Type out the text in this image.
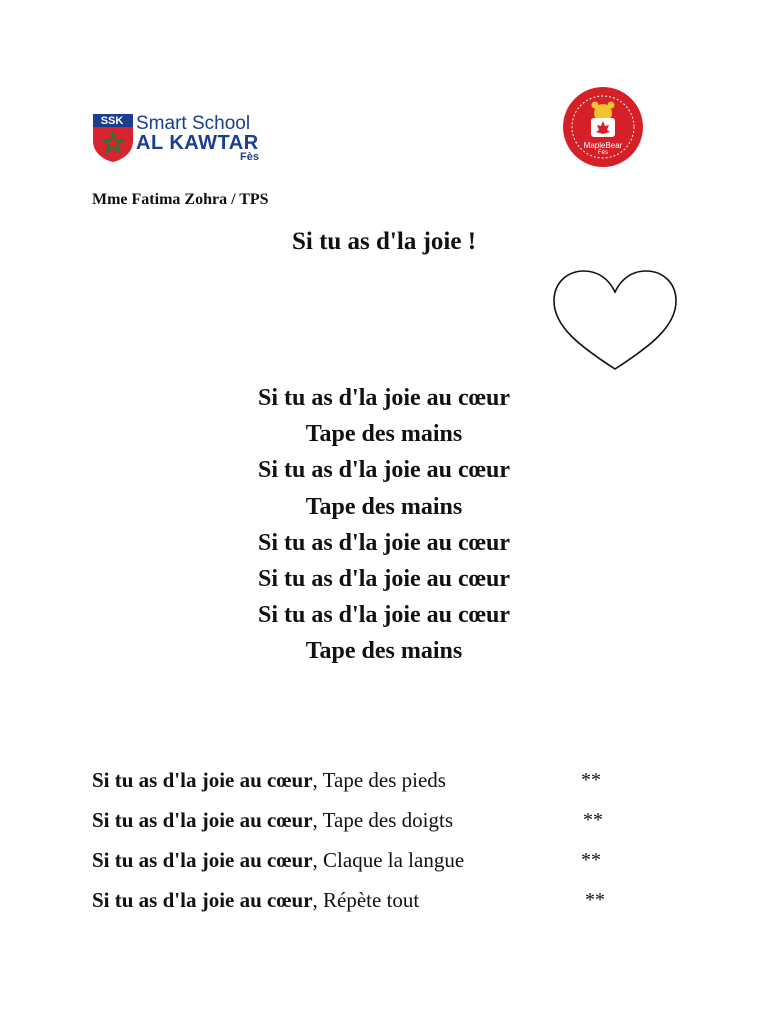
SSK Smart School
AL KAWTAR
Fès
MapleBear
Fès
Mme Fatima Zohra / TPS
Si tu as d'la joie !
Si tu as d'la joie au cœur
Tape des mains
Si tu as d'la joie au cœur
Tape des mains
Si tu as d'la joie au cœur
Si tu as d'la joie au cœur
Si tu as d'la joie au cœur
Tape des mains
Si tu as d'la joie au cœur, Tape des pieds	**
Si tu as d'la joie au cœur, Tape des doigts	**
Si tu as d'la joie au cœur, Claque la langue	**
Si tu as d'la joie au cœur, Répète tout	**
